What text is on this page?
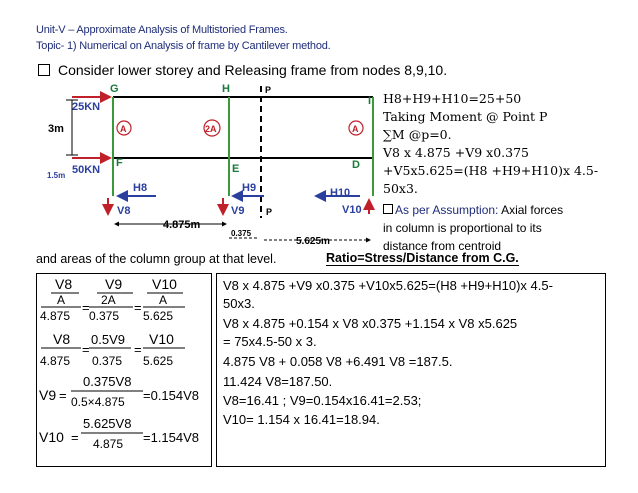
Unit-V – Approximate Analysis of Multistoried Frames.
Topic- 1) Numerical on Analysis of frame by Cantilever method.
Consider lower storey and Releasing frame from nodes 8,9,10.
G	H	P
I
F	E	D
P
25KN
50KN
3m
1.5m
A	2A	A
H8	H9	H10
V8	V9	V10
4.875m
0.375
5.625m
H8+H9+H10=25+50
Taking Moment @ Point P
∑M @p=0.
V8 x 4.875 +V9 x0.375
+V5x5.625=(H8 +H9+H10)x 4.5-
50x3.
As per Assumption: Axial forces
in column is proportional to its
distance from centroid
and areas of the column group at that level.	Ratio=Stress/Distance from C.G.
V8 V9 V10
A	2A	A
4.875 0.375 5.625
=	=
V8 0.5V9 V10
=	=
4.875 0.375 5.625
0.375V8
V9 = 0.5×4.875 =0.154V8
5.625V8
V10 = 4.875 =1.154V8
V8 x 4.875 +V9 x0.375 +V10x5.625=(H8 +H9+H10)x 4.5-
50x3.
V8 x 4.875 +0.154 x V8 x0.375 +1.154 x V8 x5.625
= 75x4.5-50 x 3.
4.875 V8 + 0.058 V8 +6.491 V8 =187.5.
11.424 V8=187.50.
V8=16.41 ; V9=0.154x16.41=2.53;
V10= 1.154 x 16.41=18.94.
